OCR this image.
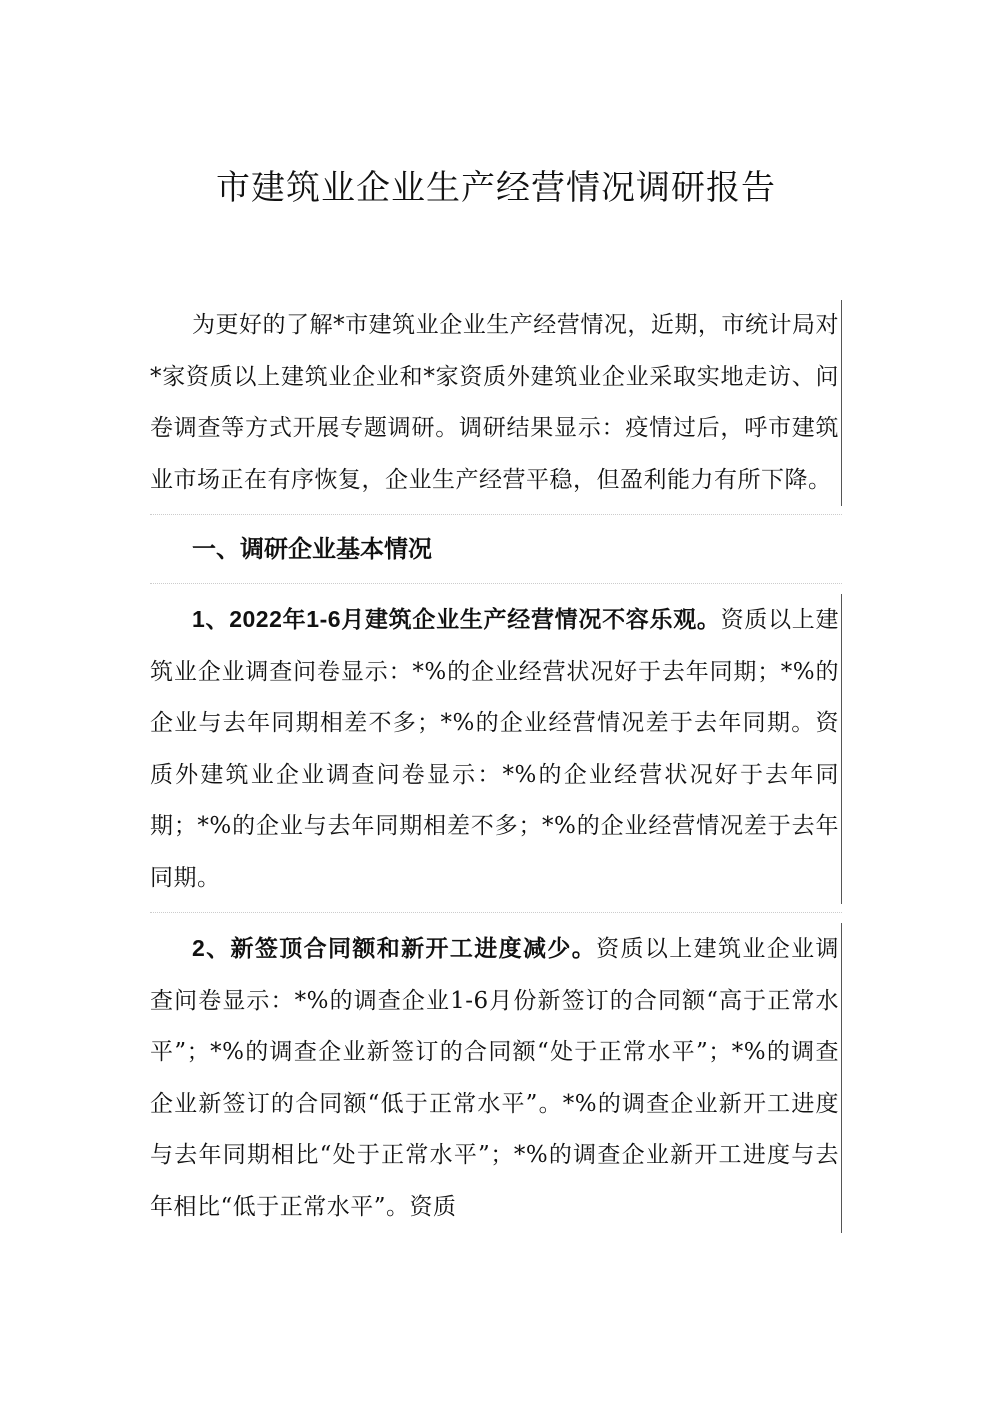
市建筑业企业生产经营情况调研报告

为更好的了解*市建筑业企业生产经营情况，近期，市统计局对*家资质以上建筑业企业和*家资质外建筑业企业采取实地走访、问卷调查等方式开展专题调研。调研结果显示：疫情过后，呼市建筑业市场正在有序恢复，企业生产经营平稳，但盈利能力有所下降。

一、调研企业基本情况

1、2022年1-6月建筑企业生产经营情况不容乐观。资质以上建筑业企业调查问卷显示：*%的企业经营状况好于去年同期；*%的企业与去年同期相差不多；*%的企业经营情况差于去年同期。资质外建筑业企业调查问卷显示：*%的企业经营状况好于去年同期；*%的企业与去年同期相差不多；*%的企业经营情况差于去年同期。

2、新签顶合同额和新开工进度减少。资质以上建筑业企业调查问卷显示：*%的调查企业1-6月份新签订的合同额“高于正常水平”；*%的调查企业新签订的合同额“处于正常水平”；*%的调查企业新签订的合同额“低于正常水平”。*%的调查企业新开工进度与去年同期相比“处于正常水平”；*%的调查企业新开工进度与去年相比“低于正常水平”。资质
